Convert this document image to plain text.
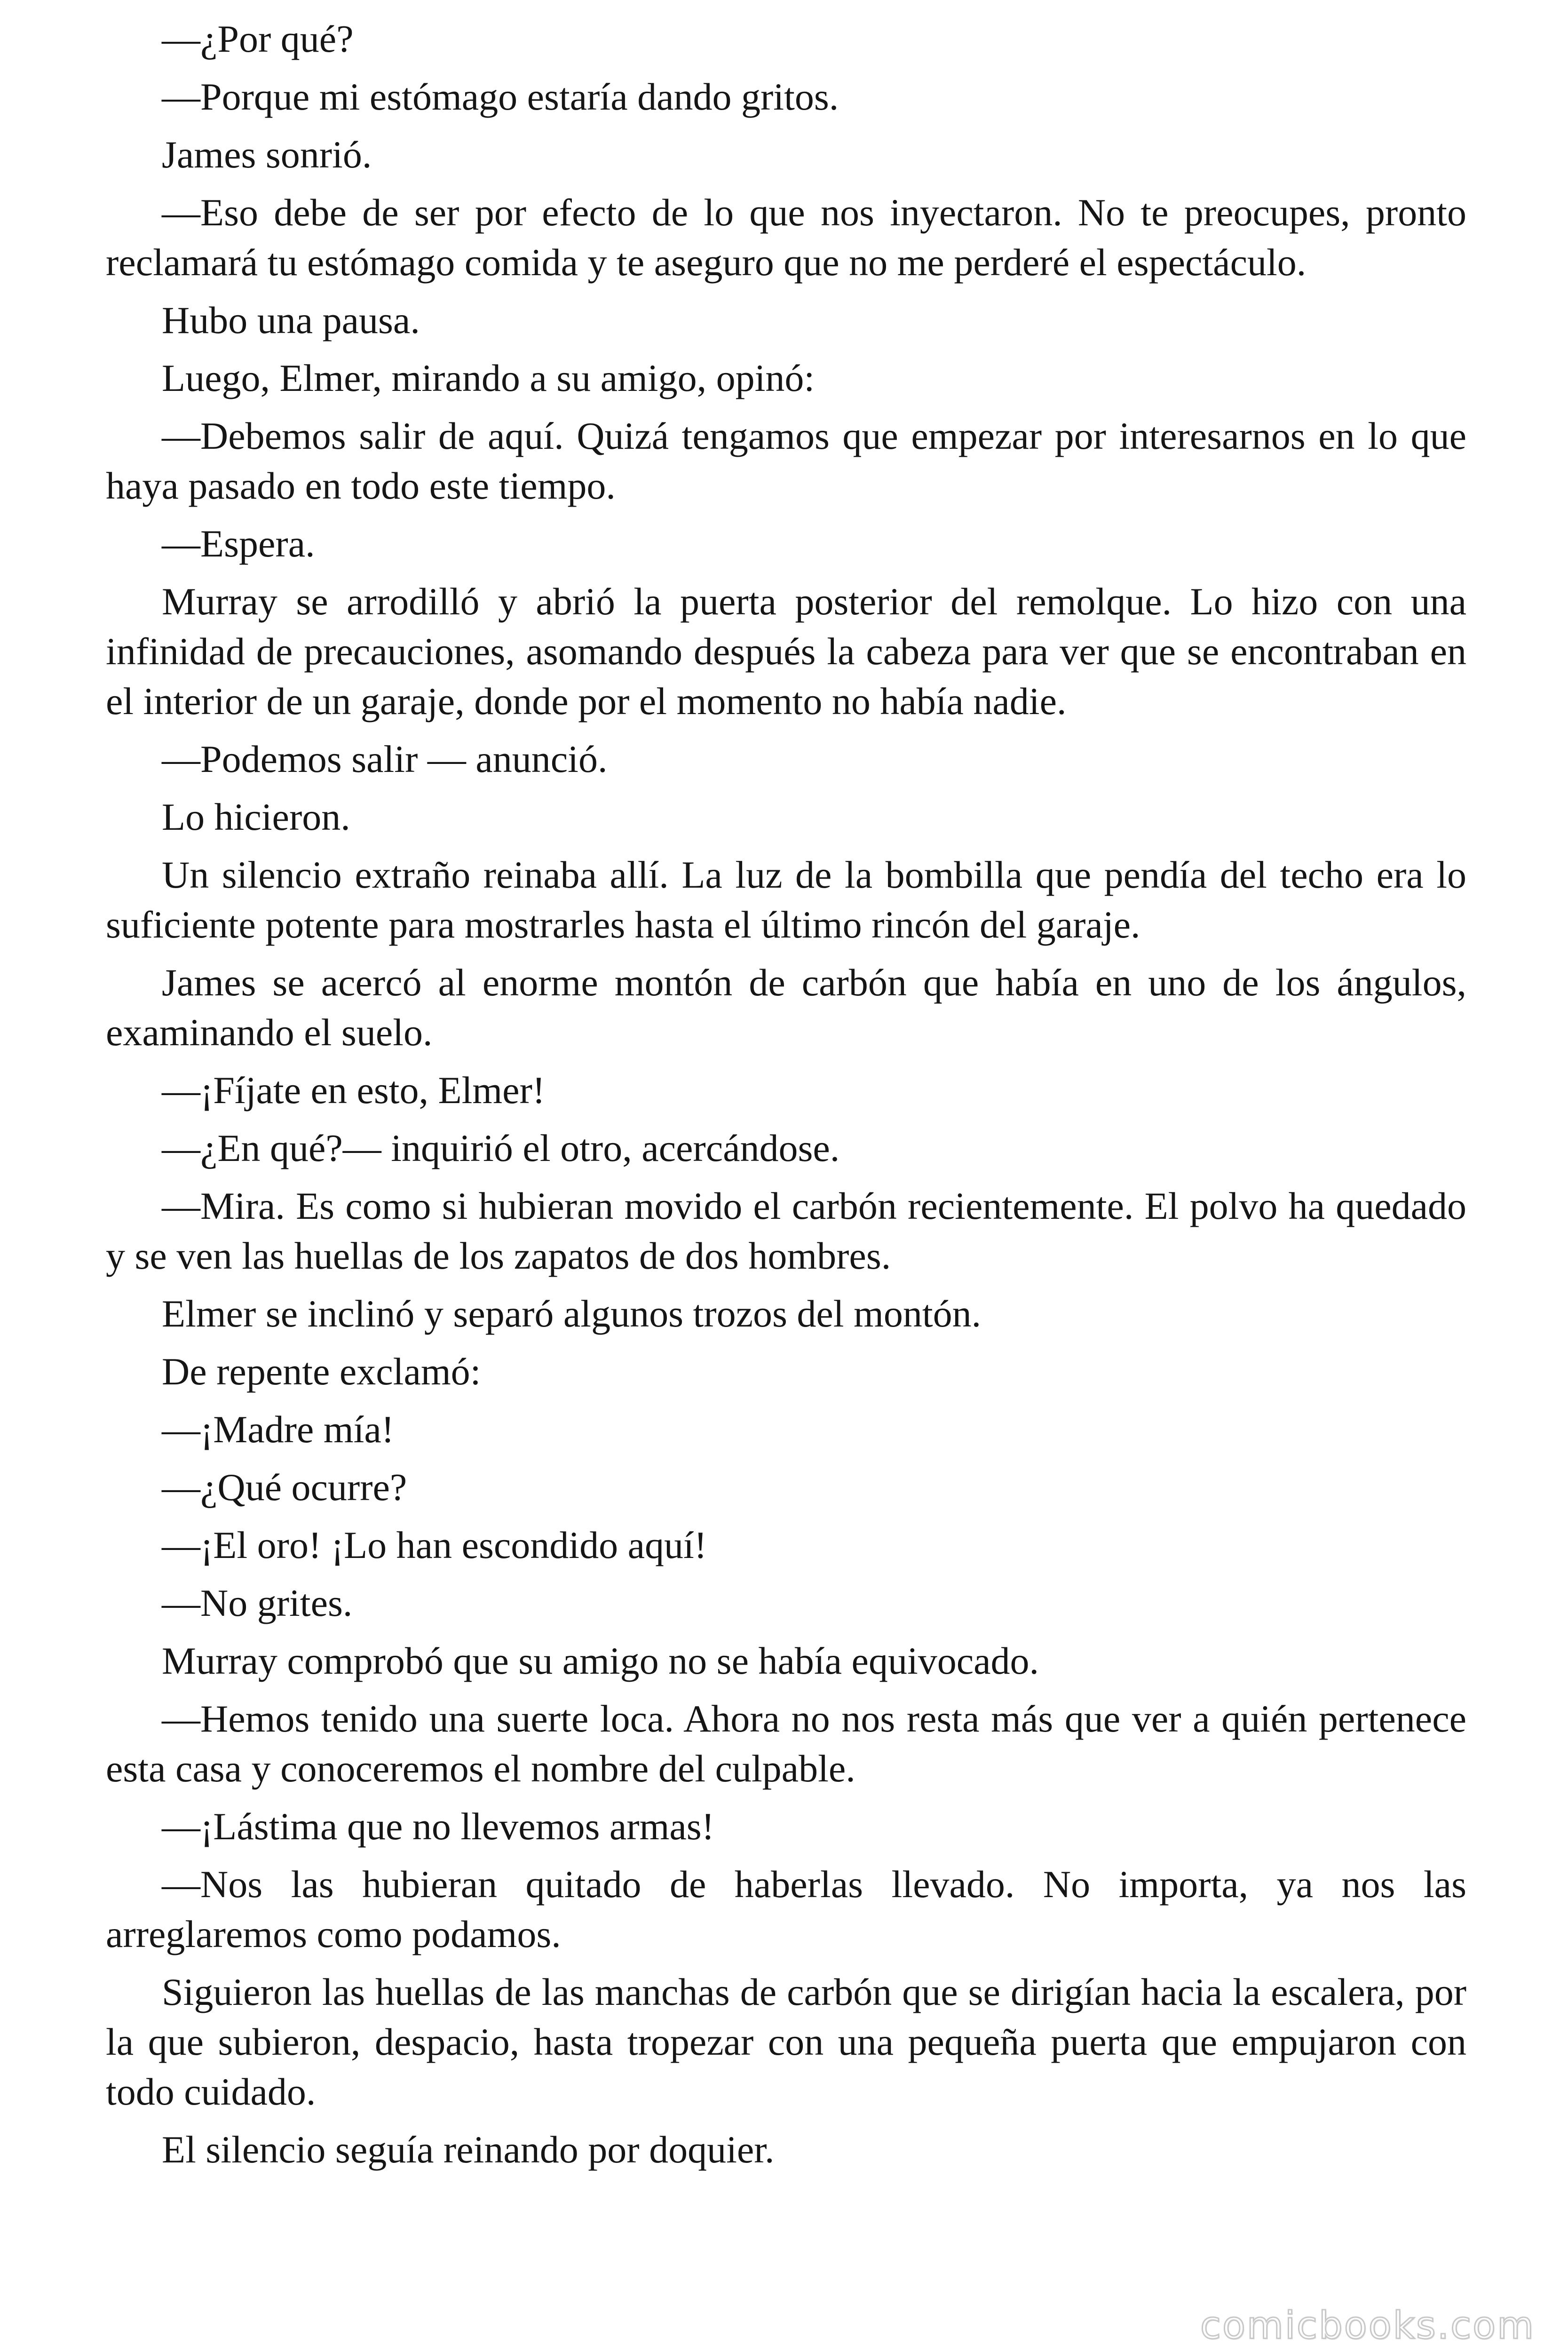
—¿Por qué?

—Porque mi estómago estaría dando gritos.

James sonrió.

—Eso debe de ser por efecto de lo que nos inyectaron. No te preocupes, pronto reclamará tu estómago comida y te aseguro que no me perderé el espectáculo.

Hubo una pausa.

Luego, Elmer, mirando a su amigo, opinó:

—Debemos salir de aquí. Quizá tengamos que empezar por interesarnos en lo que haya pasado en todo este tiempo.

—Espera.

Murray se arrodilló y abrió la puerta posterior del remolque. Lo hizo con una infinidad de precauciones, asomando después la cabeza para ver que se encontraban en el interior de un garaje, donde por el momento no había nadie.

—Podemos salir — anunció.

Lo hicieron.

Un silencio extraño reinaba allí. La luz de la bombilla que pendía del techo era lo suficiente potente para mostrarles hasta el último rincón del garaje.

James se acercó al enorme montón de carbón que había en uno de los ángulos, examinando el suelo.

—¡Fíjate en esto, Elmer!

—¿En qué?— inquirió el otro, acercándose.

—Mira. Es como si hubieran movido el carbón recientemente. El polvo ha quedado y se ven las huellas de los zapatos de dos hombres.

Elmer se inclinó y separó algunos trozos del montón.

De repente exclamó:

—¡Madre mía!

—¿Qué ocurre?

—¡El oro! ¡Lo han escondido aquí!

—No grites.

Murray comprobó que su amigo no se había equivocado.

—Hemos tenido una suerte loca. Ahora no nos resta más que ver a quién pertenece esta casa y conoceremos el nombre del culpable.

—¡Lástima que no llevemos armas!

—Nos las hubieran quitado de haberlas llevado. No importa, ya nos las arreglaremos como podamos.

Siguieron las huellas de las manchas de carbón que se dirigían hacia la escalera, por la que subieron, despacio, hasta tropezar con una pequeña puerta que empujaron con todo cuidado.

El silencio seguía reinando por doquier.

comicbooks.com
